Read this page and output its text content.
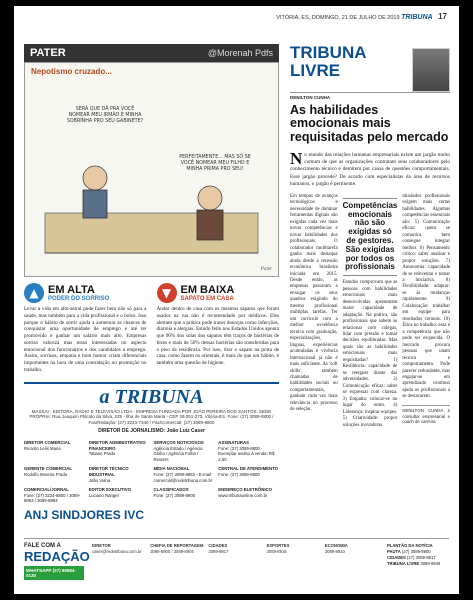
VITÓRIA, ES, DOMINGO, 21 DE JULHO DE 2019 TRIBUNA 17
PATER	@Morenah Pdfs
Nepotismo cruzado...
SERÁ QUE DÁ PRA VOCÊ NOMEAR MEU IRMÃO E MINHA SOBRINHA PRO SEU GABINETE?
PERFEITAMENTE... MAS SÓ SE VOCÊ NOMEAR MEU FILHO E MINHA PRIMA PRO SEU!
Pater
▲ EM ALTA
PODER DO SORRISO
Levar a vida em alto-astral pode fazer bem não só para a saúde, mas também para a vida profissional e o bolso. Isso porque o hábito de sorrir ajuda a aumentar as chances de conquistar uma oportunidade de emprego e até ter promovido e ganhar um salário mais alto. Empresas sorriso valoriza mas nisso interessadas no aspecto emocional dos funcionários e dos candidatos a emprego. Assim, sorrisos, empatia e bom humor criam diferenciais importantes na hora de uma contratação ou promoção no trabalho.
▼ EM BAIXA
SAPATO EM CASA
Andar dentro de casa com os mesmos sapatos que foram usados na rua não é recomendado por médicos. Eles alertam que a prática pode trazer doenças como infecções, diarreia e alergias. Estudo feito nos Estados Unidos aponta que 96% dos solas dos sapatos têm traços de bactérias de fezes e mais de 50% dessas bactérias são transferidas para o piso da residência. Por isso, tirar o sapato na porta de casa, como fazem os orientais, é mais do que um hábito, é também uma questão de higiene.
a TRIBUNA
MASSAI - EDITORA, RÁDIO E TELEVISÃO LTDA - EMPRESA FUNDADA POR JOÃO PEREIRA DOS SANTOS. SEDE PRÓPRIA: Rua Joaquim Plácido da Silva, 225 - Ilha de Santa Maria - CEP 29.051-273, Vitória-ES. Fone: (27) 3089-8800 / Fax/Redação: (27) 3223-7340 / Fax/Comercial: (27) 3089-8800
DIRETOR DE JORNALISMO: João Luiz Caser
DIRETOR COMERCIAL
Ricardo Lelis Maria
DIRETOR ADMINISTRATIVO FINANCEIRO
Tatiane Prado
SERVIÇOS NOTICIOSOS
Agência Estado / Agência Globo / Agência Folha / Reuters
ASSINATURAS
Fone: (27) 3089-8800 - Exemplar avulso à venda: R$ 2,50
GERENTE COMERCIAL
Rodolfo Moreira Prado
DIRETOR TÉCNICO INDUSTRIAL
João Viana
MÍDIA NACIONAL
Fone: (27) 3089-8852 - E-mail: comercial@redetribuna.com.br
CENTRAL DE ATENDIMENTO
Fone: (27) 3089-8800
COMERCIAL/JORNAL
Fone: (27) 3224-8800 / 3089-8863 / 3089-8894
EDITOR EXECUTIVO
Luciano Rangel
CLASSIFICADOS
Fone: (27) 3089-8900
ENDEREÇO ELETRÔNICO
www.tribunaonline.com.br
ANJ SINDJORES IVC
TRIBUNA
LIVRE
DENILTON CUNHA
As habilidades emocionais mais requisitadas pelo mercado
N o mundo das relações humanas empresariais existe um jargão muito comum de que as organizações contratam seus colaboradores pelo conhecimento técnico e demitem por causa de questões comportamentais. Esse jargão procede? De acordo com especialistas da área de recursos humanos, o jargão é pertinente.

Em tempos de avanços tecnológicos e necessidade de dominar ferramentas digitais são exigidas cada vez mais novas competências e novas habilidades dos profissionais. O colaborador multitarefa ganha mais destaque ainda desde a recessão econômica brasileira iniciada em 2015. Desde então, as empresas passaram a enxugar os seus quadros exigindo do mesmo profissional múltiplas tarefas. Ter um currículo com a melhor excelência técnica com graduação, especializações, línguas, experiências acumuladas e vivência internacional já não é mais suficiente. As 'soft skills', também chamadas de habilidades sociais ou comportamentais, ganham cada vez mais relevância no processo de seleção.

Competências emocionais não são exigidas só de gestores. São exigidas por todos os profissionais

Estudos comprovam que as pessoas com habilidades emocionais mais desenvolvidas apresentam maior capacidade de adaptação. Na prática, são profissionais que sabem se relacionar com colegas, lidar com pressão e tomar decisões equilibradas. Mas quais são as habilidades emocionais mais requisitadas? 1) Resiliência: capacidade de se reerguer diante das adversidades. 2) Comunicação eficaz: saber se expressar com clareza. 3) Empatia: colocar-se no lugar do outro. 4) Liderança: inspirar equipes. 5) Criatividade: propor soluções inovadoras.

mindados profissionais exigem mais certas habilidades. Algumas competências essenciais são: 5) Comunicação eficaz: quem se comunica bem consegue integrar melhor. 6) Pensamento crítico: saber analisar e propor soluções. 7) Autonomia: capacidade de se reinventar e tomar a iniciativa. 8) Flexibilidade: adaptar-se às mudanças rapidamente. 9) Colaboração: trabalhar em equipe para resultados comuns. 10) Ética no trabalho: essa é a competência que não pode ser esquecida. O mercado procura pessoas que unam técnica e comportamento. Pode parecer redundante, mas engajar-se em aprendizado contínuo ajuda os profissionais a se destacarem.

DENILTON CUNHA é consultor empresarial e coach de carreira
FALE COM A
REDAÇÃO
WHATSAPP (27) 99984-0130
DIRETOR
caser@redetribuna.com.br
CHEFIA DE REPORTAGEM
3089-8900 / 3089-8904
CIDADES
3089-8917
ESPORTES
3089-8916
ECONOMIA
3089-8910
PLANTÃO DA NOTÍCIA
PAUTA (27) 3089-8900
CIDADES (27) 3089-8917
TRIBUNA LIVRE 3089-8946
